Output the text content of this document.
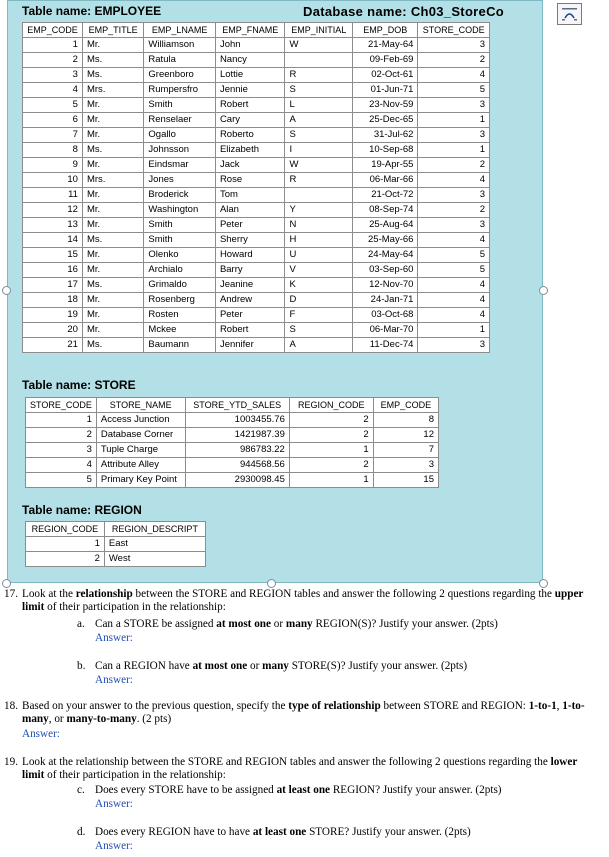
Table name: EMPLOYEE	Database name: Ch03_StoreCo
EMP_CODE	EMP_TITLE	EMP_LNAME	EMP_FNAME	EMP_INITIAL	EMP_DOB	STORE_CODE
1	Mr.	Williamson	John	W	21-May-64	3
2	Ms.	Ratula	Nancy		09-Feb-69	2
3	Ms.	Greenboro	Lottie	R	02-Oct-61	4
4	Mrs.	Rumpersfro	Jennie	S	01-Jun-71	5
5	Mr.	Smith	Robert	L	23-Nov-59	3
6	Mr.	Renselaer	Cary	A	25-Dec-65	1
7	Mr.	Ogallo	Roberto	S	31-Jul-62	3
8	Ms.	Johnsson	Elizabeth	I	10-Sep-68	1
9	Mr.	Eindsmar	Jack	W	19-Apr-55	2
10	Mrs.	Jones	Rose	R	06-Mar-66	4
11	Mr.	Broderick	Tom		21-Oct-72	3
12	Mr.	Washington	Alan	Y	08-Sep-74	2
13	Mr.	Smith	Peter	N	25-Aug-64	3
14	Ms.	Smith	Sherry	H	25-May-66	4
15	Mr.	Olenko	Howard	U	24-May-64	5
16	Mr.	Archialo	Barry	V	03-Sep-60	5
17	Ms.	Grimaldo	Jeanine	K	12-Nov-70	4
18	Mr.	Rosenberg	Andrew	D	24-Jan-71	4
19	Mr.	Rosten	Peter	F	03-Oct-68	4
20	Mr.	Mckee	Robert	S	06-Mar-70	1
21	Ms.	Baumann	Jennifer	A	11-Dec-74	3
Table name: STORE
STORE_CODE	STORE_NAME	STORE_YTD_SALES	REGION_CODE	EMP_CODE
1	Access Junction	1003455.76	2	8
2	Database Corner	1421987.39	2	12
3	Tuple Charge	986783.22	1	7
4	Attribute Alley	944568.56	2	3
5	Primary Key Point	2930098.45	1	15
Table name: REGION
REGION_CODE	REGION_DESCRIPT
1	East
2	West
17. Look at the relationship between the STORE and REGION tables and answer the following 2 questions regarding the upper limit of their participation in the relationship:
a. Can a STORE be assigned at most one or many REGION(S)? Justify your answer. (2pts)
Answer:
b. Can a REGION have at most one or many STORE(S)? Justify your answer. (2pts)
Answer:
18. Based on your answer to the previous question, specify the type of relationship between STORE and REGION: 1-to-1, 1-to-many, or many-to-many. (2 pts)
Answer:
19. Look at the relationship between the STORE and REGION tables and answer the following 2 questions regarding the lower limit of their participation in the relationship:
c. Does every STORE have to be assigned at least one REGION? Justify your answer. (2pts)
Answer:
d. Does every REGION have to have at least one STORE? Justify your answer. (2pts)
Answer:
